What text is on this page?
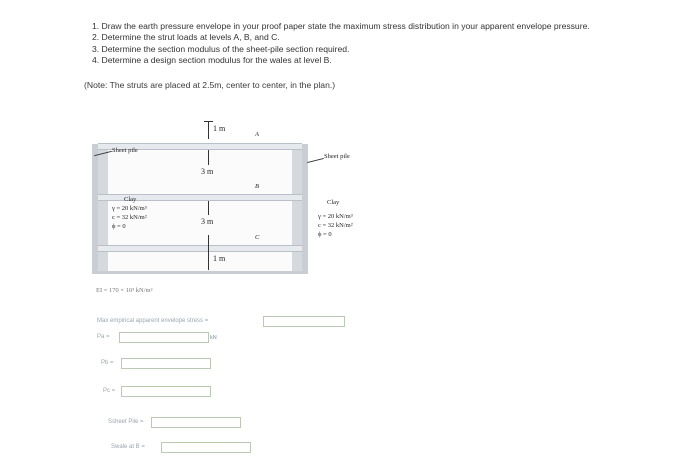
1. Draw the earth pressure envelope in your proof paper state the maximum stress distribution in your apparent envelope pressure.
2. Determine the strut loads at levels A, B, and C.
3. Determine the section modulus of the sheet-pile section required.
4. Determine a design section modulus for the wales at level B.
(Note: The struts are placed at 2.5m, center to center, in the plan.)
1 m
3 m
3 m
1 m
A
B
C
Clay
γ = 20 kN/m³
c = 32 kN/m²
ϕ = 0
Clay
Sheet pile
Sheet pile
γ = 20 kN/m³
c = 32 kN/m²
ϕ = 0
EI = 170 × 10³ kN/m²
Max empirical apparent envelope stress =
Pa =	kN
Pb =
Pc =
Ssheet Pile =
Swale at B =
